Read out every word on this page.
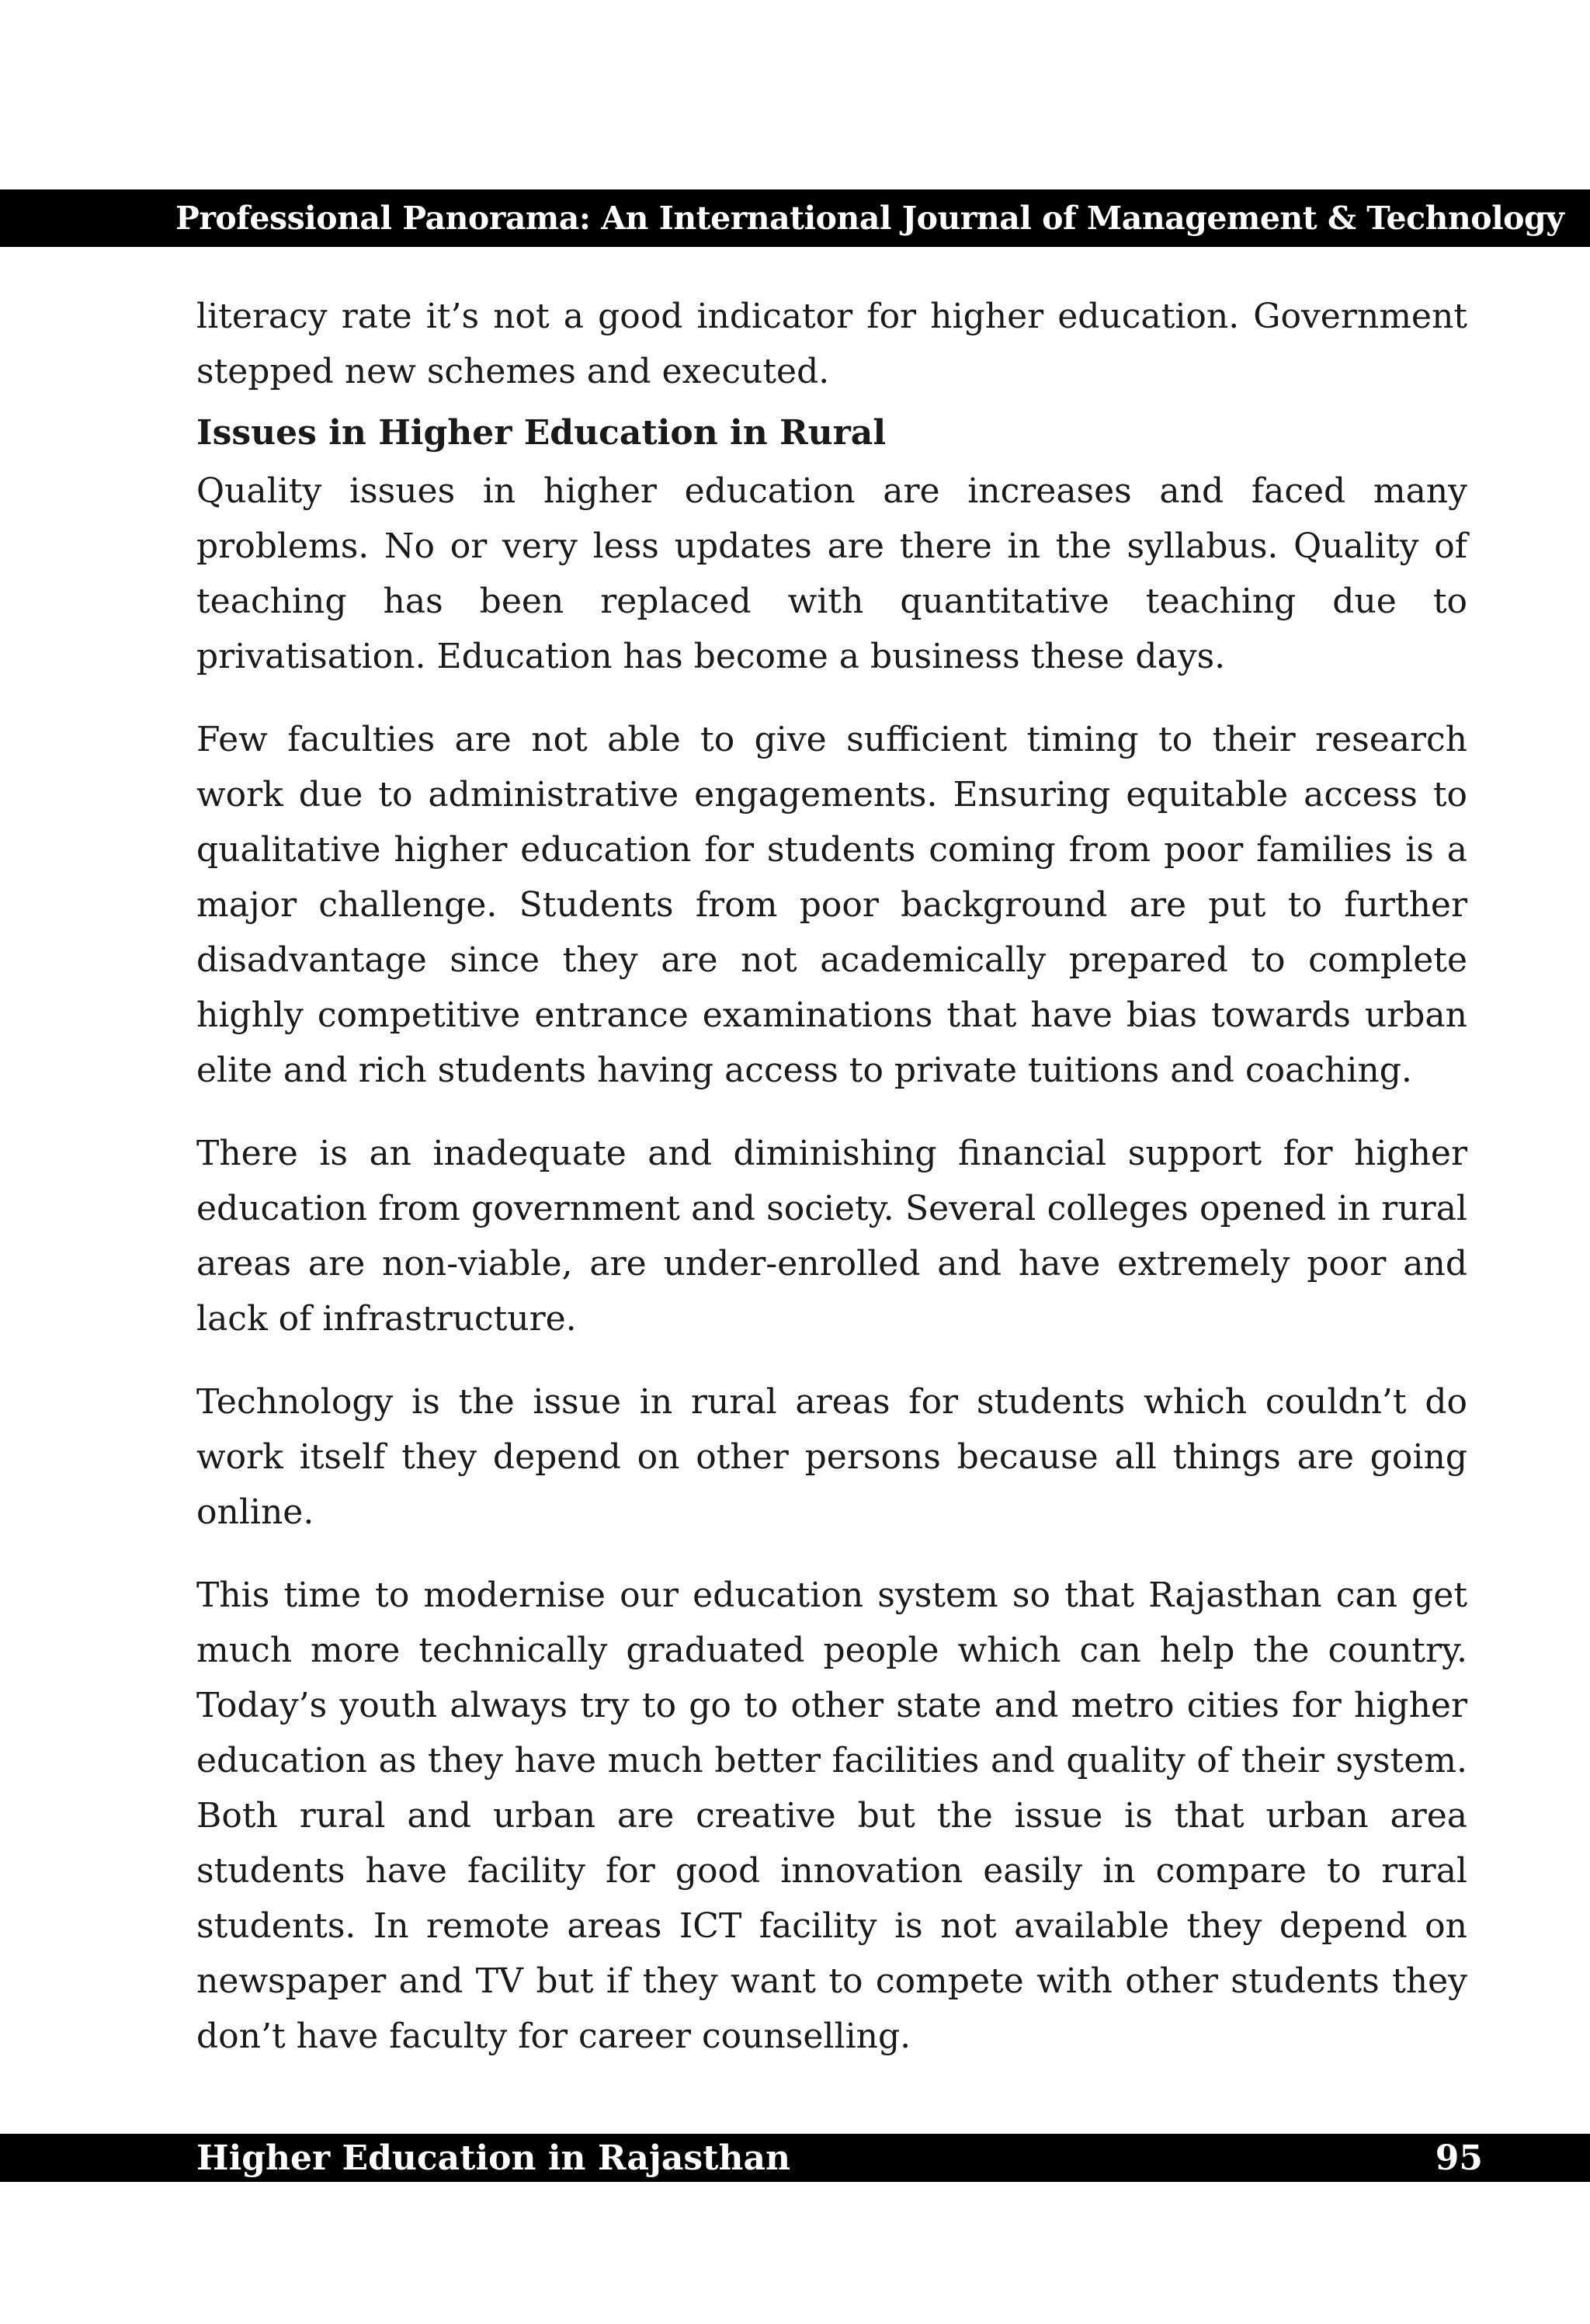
Professional Panorama: An International Journal of Management & Technology

literacy rate it’s not a good indicator for higher education. Government stepped new schemes and executed.

Issues in Higher Education in Rural

Quality issues in higher education are increases and faced many problems. No or very less updates are there in the syllabus. Quality of teaching has been replaced with quantitative teaching due to privatisation. Education has become a business these days.

Few faculties are not able to give sufficient timing to their research work due to administrative engagements. Ensuring equitable access to qualitative higher education for students coming from poor families is a major challenge. Students from poor background are put to further disadvantage since they are not academically prepared to complete highly competitive entrance examinations that have bias towards urban elite and rich students having access to private tuitions and coaching.

There is an inadequate and diminishing financial support for higher education from government and society. Several colleges opened in rural areas are non-viable, are under-enrolled and have extremely poor and lack of infrastructure.

Technology is the issue in rural areas for students which couldn’t do work itself they depend on other persons because all things are going online.

This time to modernise our education system so that Rajasthan can get much more technically graduated people which can help the country. Today’s youth always try to go to other state and metro cities for higher education as they have much better facilities and quality of their system. Both rural and urban are creative but the issue is that urban area students have facility for good innovation easily in compare to rural students. In remote areas ICT facility is not available they depend on newspaper and TV but if they want to compete with other students they don’t have faculty for career counselling.

Higher Education in Rajasthan	95
